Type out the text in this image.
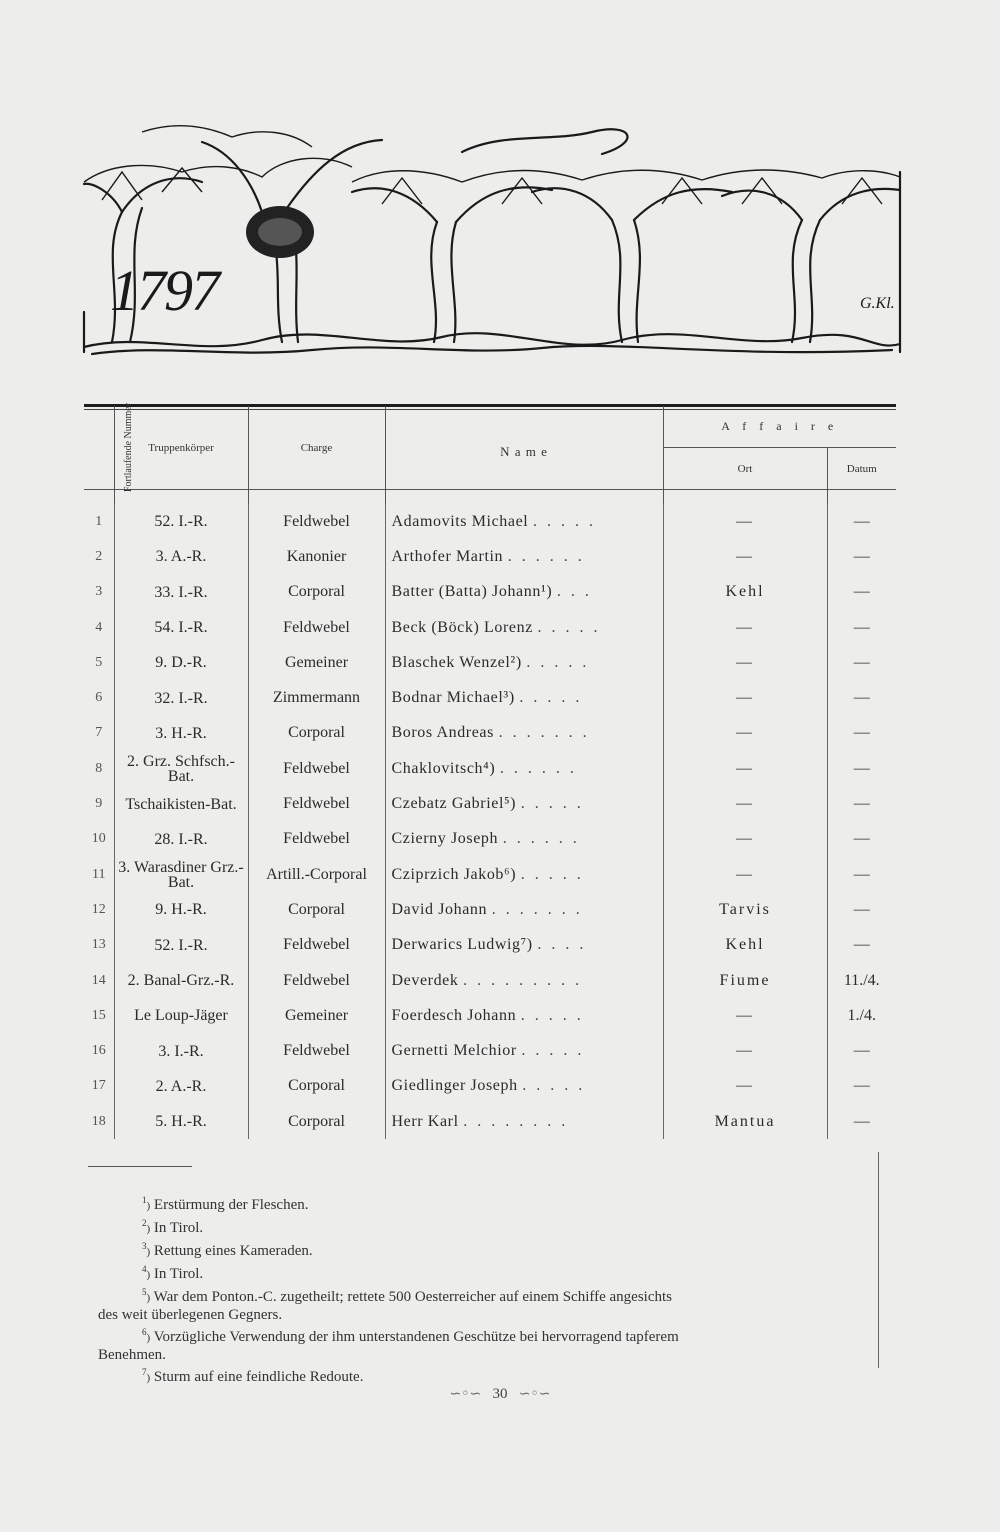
1797	G.Kl.
Fortlaufende Nummer	Truppenkörper	Charge	N a m e	A f f a i r e	
				Ort	Datum

1	52. I.-R.	Feldwebel	Adamovits Michael . . . . .	—	—
2	3. A.-R.	Kanonier	Arthofer Martin . . . . . .	—	—
3	33. I.-R.	Corporal	Batter (Batta) Johann¹) . . .	Kehl	—
4	54. I.-R.	Feldwebel	Beck (Böck) Lorenz . . . . .	—	—
5	9. D.-R.	Gemeiner	Blaschek Wenzel²) . . . . .	—	—
6	32. I.-R.	Zimmermann	Bodnar Michael³) . . . . .	—	—
7	3. H.-R.	Corporal	Boros Andreas . . . . . . .	—	—
8	2. Grz. Schfsch.-Bat.	Feldwebel	Chaklovitsch⁴) . . . . . .	—	—
9	Tschaikisten-Bat.	Feldwebel	Czebatz Gabriel⁵) . . . . .	—	—
10	28. I.-R.	Feldwebel	Czierny Joseph . . . . . .	—	—
11	3. Warasdiner Grz.-Bat.	Artill.-Corporal	Cziprzich Jakob⁶) . . . . .	—	—
12	9. H.-R.	Corporal	David Johann . . . . . . .	Tarvis	—
13	52. I.-R.	Feldwebel	Derwarics Ludwig⁷) . . . .	Kehl	—
14	2. Banal-Grz.-R.	Feldwebel	Deverdek . . . . . . . . .	Fiume	11./4.
15	Le Loup-Jäger	Gemeiner	Foerdesch Johann . . . . .	—	1./4.
16	3. I.-R.	Feldwebel	Gernetti Melchior . . . . .	—	—
17	2. A.-R.	Corporal	Giedlinger Joseph . . . . .	—	—
18	5. H.-R.	Corporal	Herr Karl . . . . . . . .	Mantua	—

$^1$) Erstürmung der Fleschen.

$^2$) In Tirol.

$^3$) Rettung eines Kameraden.

$^4$) In Tirol.

$^5$) War dem Ponton.-C. zugetheilt; rettete 500 Oesterreicher auf einem Schiffe angesichts

des weit überlegenen Gegners.

$^6$) Vorzügliche Verwendung der ihm unterstandenen Geschütze bei hervorragend tapferem

Benehmen.

$^7$) Sturm auf eine feindliche Redoute.

∽◦∽ 30 ∽◦∽
